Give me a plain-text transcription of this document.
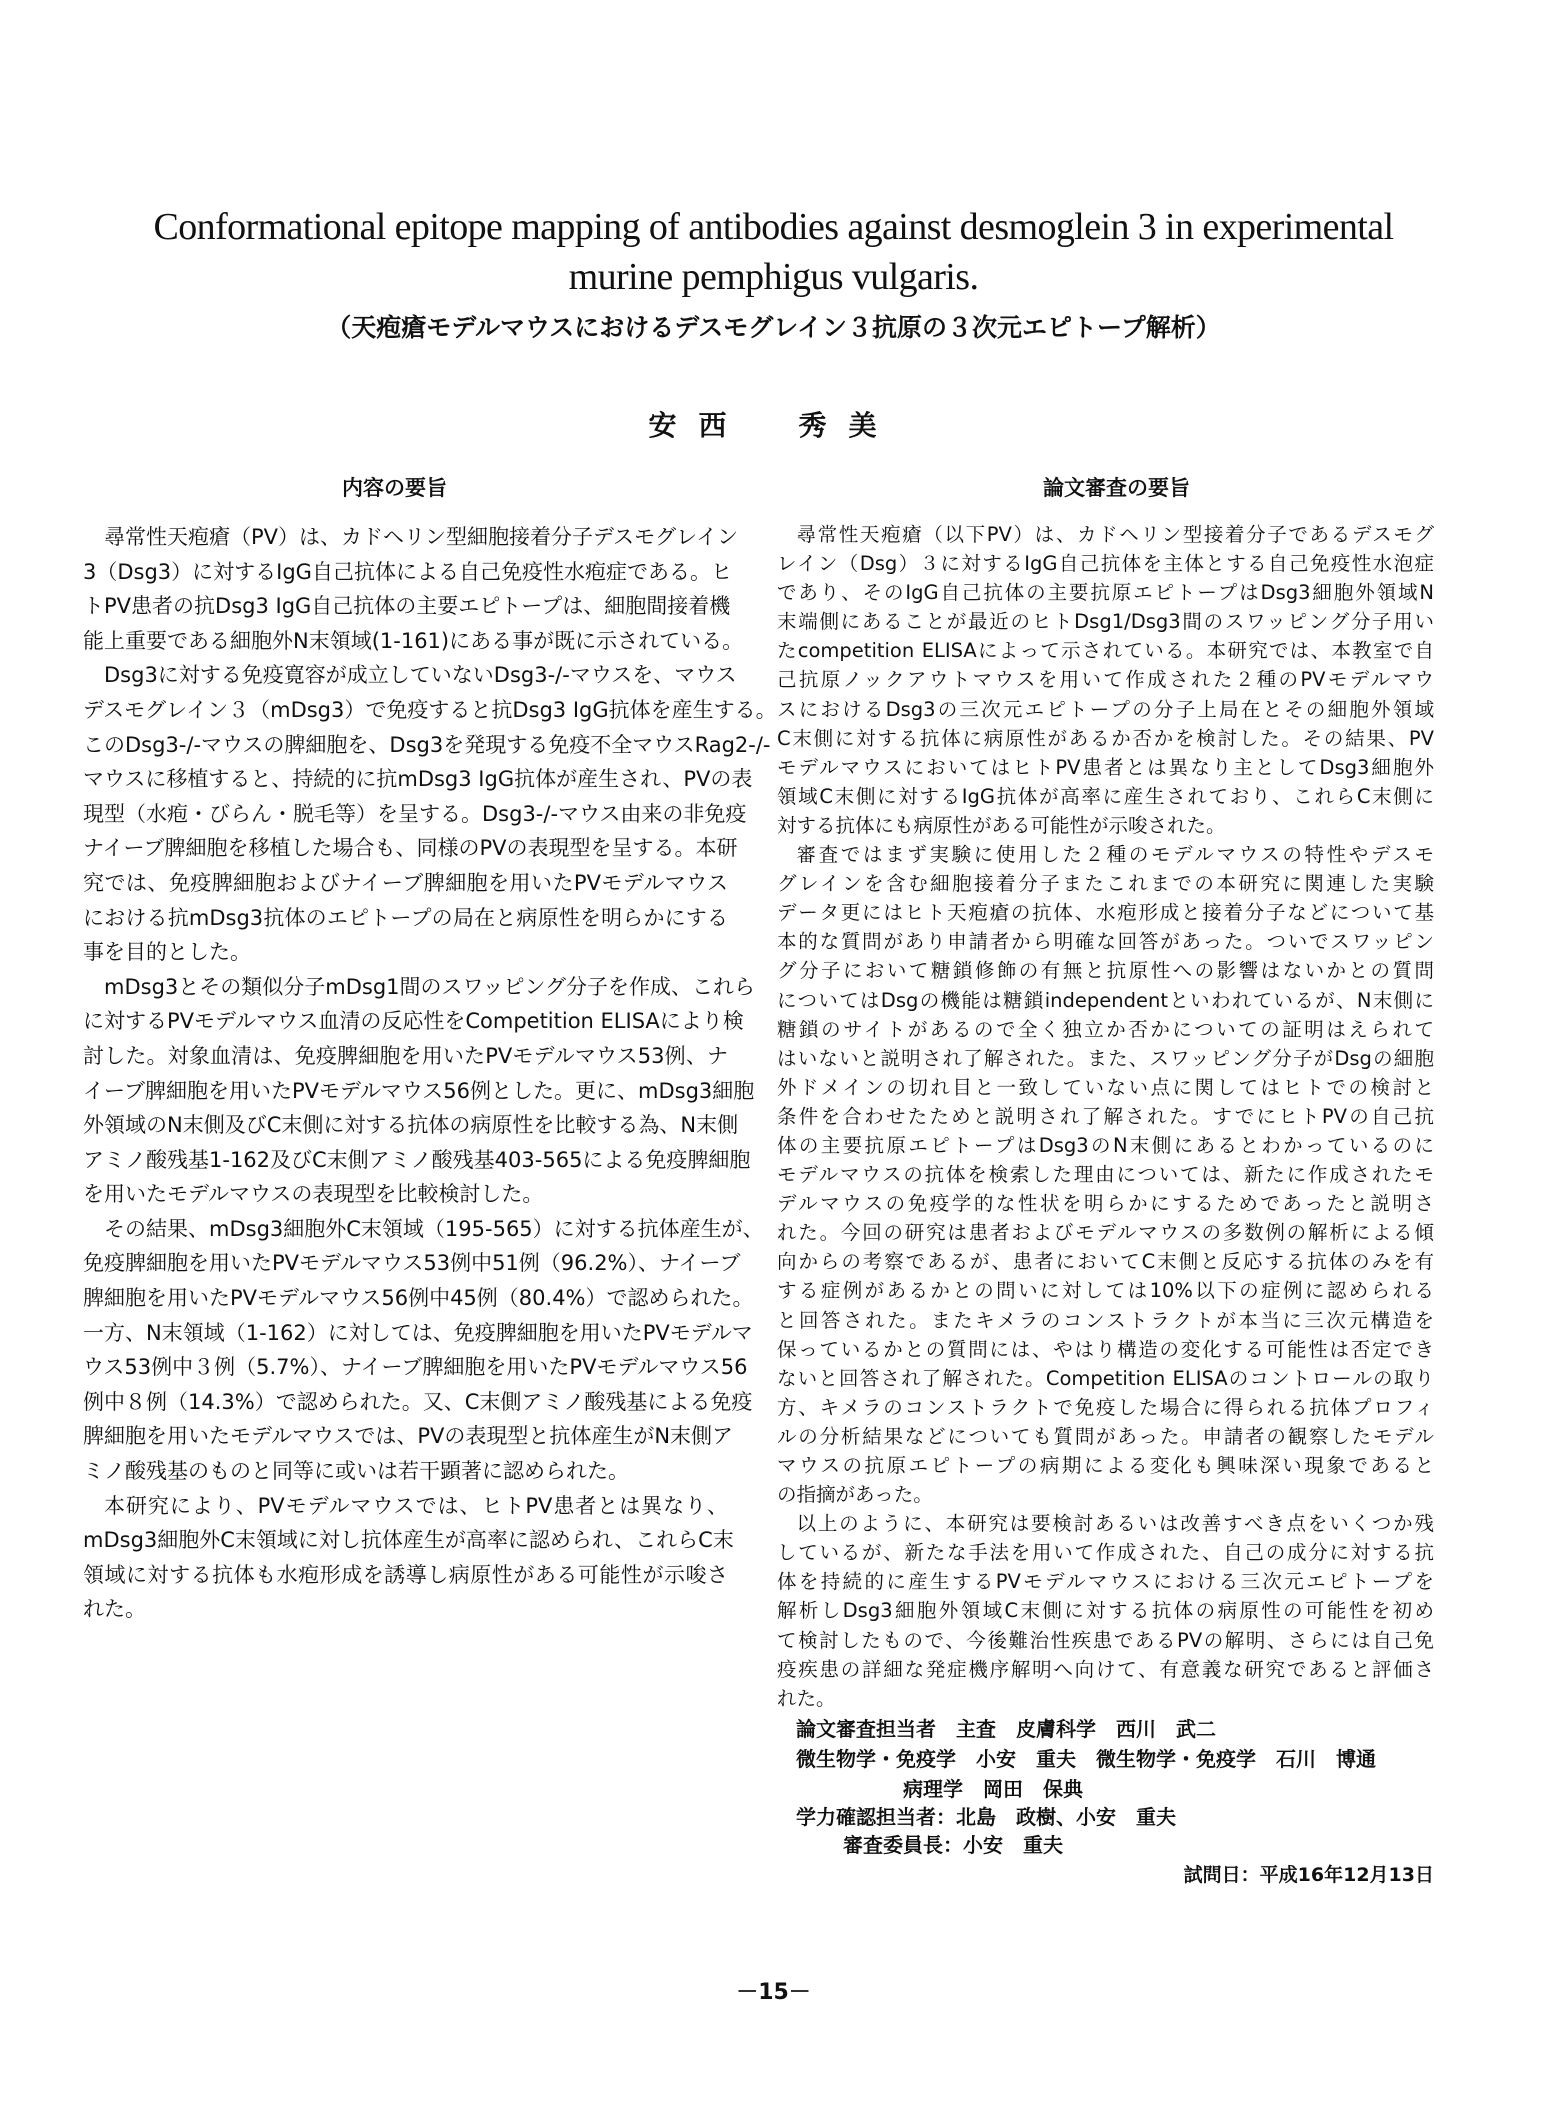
Conformational epitope mapping of antibodies against desmoglein 3 in experimental
murine pemphigus vulgaris.
（天疱瘡モデルマウスにおけるデスモグレイン３抗原の３次元エピトープ解析）
安西　秀美
内容の要旨	論文審査の要旨
尋常性天疱瘡（PV）は、カドヘリン型細胞接着分子デスモグレイン
3（Dsg3）に対するIgG自己抗体による自己免疫性水疱症である。ヒ
トPV患者の抗Dsg3 IgG自己抗体の主要エピトープは、細胞間接着機
能上重要である細胞外N末領域(1-161)にある事が既に示されている。
Dsg3に対する免疫寛容が成立していないDsg3-/-マウスを、マウス
デスモグレイン３（mDsg3）で免疫すると抗Dsg3 IgG抗体を産生する。
このDsg3-/-マウスの脾細胞を、Dsg3を発現する免疫不全マウスRag2-/-
マウスに移植すると、持続的に抗mDsg3 IgG抗体が産生され、PVの表
現型（水疱・びらん・脱毛等）を呈する。Dsg3-/-マウス由来の非免疫
ナイーブ脾細胞を移植した場合も、同様のPVの表現型を呈する。本研
究では、免疫脾細胞およびナイーブ脾細胞を用いたPVモデルマウス
における抗mDsg3抗体のエピトープの局在と病原性を明らかにする
事を目的とした。
mDsg3とその類似分子mDsg1間のスワッピング分子を作成、これら
に対するPVモデルマウス血清の反応性をCompetition ELISAにより検
討した。対象血清は、免疫脾細胞を用いたPVモデルマウス53例、ナ
イーブ脾細胞を用いたPVモデルマウス56例とした。更に、mDsg3細胞
外領域のN末側及びC末側に対する抗体の病原性を比較する為、N末側
アミノ酸残基1-162及びC末側アミノ酸残基403-565による免疫脾細胞
を用いたモデルマウスの表現型を比較検討した。
その結果、mDsg3細胞外C末領域（195-565）に対する抗体産生が、
免疫脾細胞を用いたPVモデルマウス53例中51例（96.2%）、ナイーブ
脾細胞を用いたPVモデルマウス56例中45例（80.4%）で認められた。
一方、N末領域（1-162）に対しては、免疫脾細胞を用いたPVモデルマ
ウス53例中３例（5.7%）、ナイーブ脾細胞を用いたPVモデルマウス56
例中８例（14.3%）で認められた。又、C末側アミノ酸残基による免疫
脾細胞を用いたモデルマウスでは、PVの表現型と抗体産生がN末側ア
ミノ酸残基のものと同等に或いは若干顕著に認められた。
本研究により、PVモデルマウスでは、ヒトPV患者とは異なり、
mDsg3細胞外C末領域に対し抗体産生が高率に認められ、これらC末
領域に対する抗体も水疱形成を誘導し病原性がある可能性が示唆さ
れた。
尋常性天疱瘡（以下PV）は、カドヘリン型接着分子であるデスモグ
レイン（Dsg）３に対するIgG自己抗体を主体とする自己免疫性水泡症
であり、そのIgG自己抗体の主要抗原エピトープはDsg3細胞外領域N
末端側にあることが最近のヒトDsg1/Dsg3間のスワッピング分子用い
たcompetition ELISAによって示されている。本研究では、本教室で自
己抗原ノックアウトマウスを用いて作成された２種のPVモデルマウ
スにおけるDsg3の三次元エピトープの分子上局在とその細胞外領域
C末側に対する抗体に病原性があるか否かを検討した。その結果、PV
モデルマウスにおいてはヒトPV患者とは異なり主としてDsg3細胞外
領域C末側に対するIgG抗体が高率に産生されており、これらC末側に
対する抗体にも病原性がある可能性が示唆された。
審査ではまず実験に使用した２種のモデルマウスの特性やデスモ
グレインを含む細胞接着分子またこれまでの本研究に関連した実験
データ更にはヒト天疱瘡の抗体、水疱形成と接着分子などについて基
本的な質問があり申請者から明確な回答があった。ついでスワッピン
グ分子において糖鎖修飾の有無と抗原性への影響はないかとの質問
についてはDsgの機能は糖鎖independentといわれているが、N末側に
糖鎖のサイトがあるので全く独立か否かについての証明はえられて
はいないと説明され了解された。また、スワッピング分子がDsgの細胞
外ドメインの切れ目と一致していない点に関してはヒトでの検討と
条件を合わせたためと説明され了解された。すでにヒトPVの自己抗
体の主要抗原エピトープはDsg3のN末側にあるとわかっているのに
モデルマウスの抗体を検索した理由については、新たに作成されたモ
デルマウスの免疫学的な性状を明らかにするためであったと説明さ
れた。今回の研究は患者およびモデルマウスの多数例の解析による傾
向からの考察であるが、患者においてC末側と反応する抗体のみを有
する症例があるかとの問いに対しては10%以下の症例に認められる
と回答された。またキメラのコンストラクトが本当に三次元構造を
保っているかとの質問には、やはり構造の変化する可能性は否定でき
ないと回答され了解された。Competition ELISAのコントロールの取り
方、キメラのコンストラクトで免疫した場合に得られる抗体プロフィ
ルの分析結果などについても質問があった。申請者の観察したモデル
マウスの抗原エピトープの病期による変化も興味深い現象であると
の指摘があった。
以上のように、本研究は要検討あるいは改善すべき点をいくつか残
しているが、新たな手法を用いて作成された、自己の成分に対する抗
体を持続的に産生するPVモデルマウスにおける三次元エピトープを
解析しDsg3細胞外領域C末側に対する抗体の病原性の可能性を初め
て検討したもので、今後難治性疾患であるPVの解明、さらには自己免
疫疾患の詳細な発症機序解明へ向けて、有意義な研究であると評価さ
れた。
論文審査担当者　主査　皮膚科学　西川　武二
微生物学・免疫学　小安　重夫　微生物学・免疫学　石川　博通
病理学　岡田　保典
学力確認担当者：北島　政樹、小安　重夫
審査委員長：小安　重夫
試問日：平成16年12月13日
－15－
